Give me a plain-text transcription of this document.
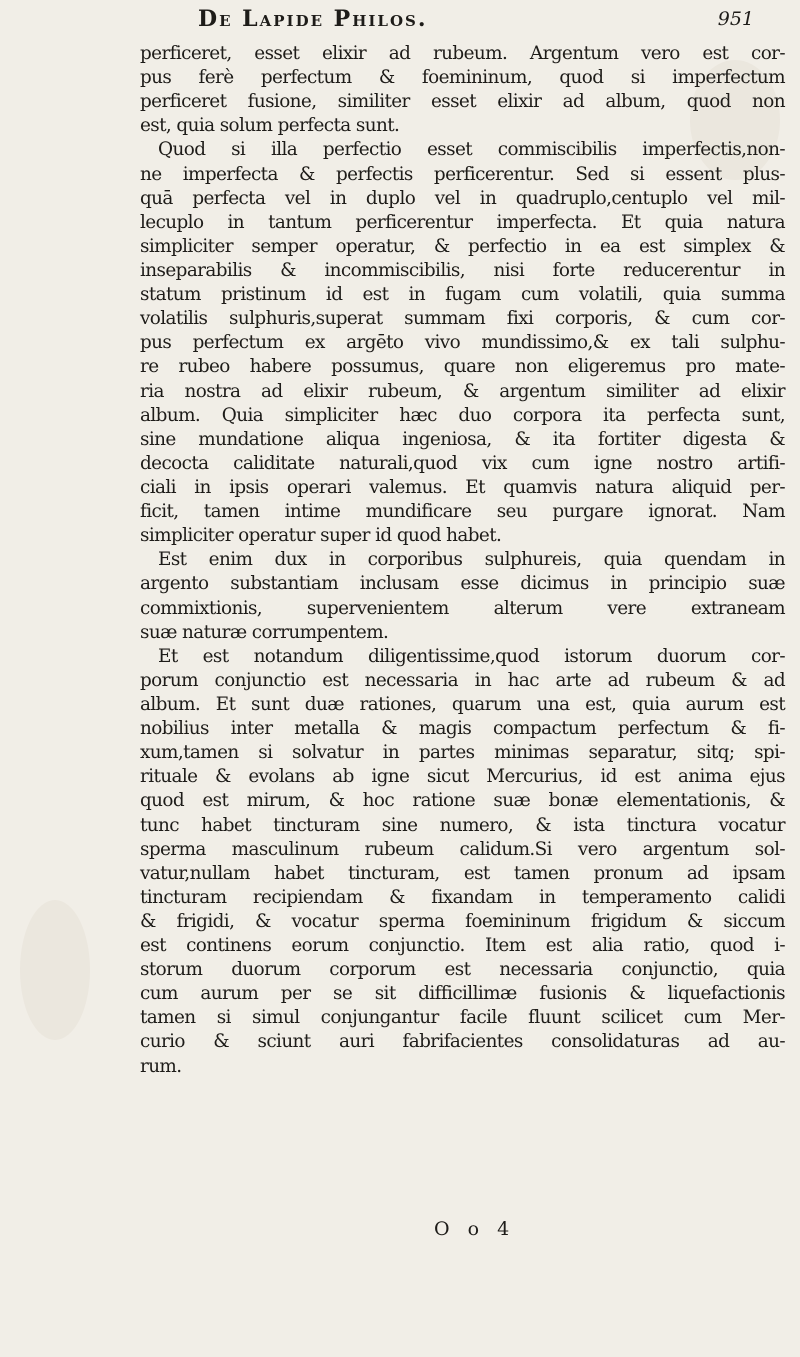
De Lapide Philos.	951
perficeret, esset elixir ad rubeum. Argentum vero est cor-
pus ferè perfectum & foemininum, quod si imperfectum
perficeret fusione, similiter esset elixir ad album, quod non
est, quia solum perfecta sunt.
Quod si illa perfectio esset commiscibilis imperfectis,non-
ne imperfecta & perfectis perficerentur. Sed si essent plus-
quā perfecta vel in duplo vel in quadruplo,centuplo vel mil-
lecuplo in tantum perficerentur imperfecta. Et quia natura
simpliciter semper operatur, & perfectio in ea est simplex &
inseparabilis & incommiscibilis, nisi forte reducerentur in
statum pristinum id est in fugam cum volatili, quia summa
volatilis sulphuris,superat summam fixi corporis, & cum cor-
pus perfectum ex argēto vivo mundissimo,& ex tali sulphu-
re rubeo habere possumus, quare non eligeremus pro mate-
ria nostra ad elixir rubeum, & argentum similiter ad elixir
album. Quia simpliciter hæc duo corpora ita perfecta sunt,
sine mundatione aliqua ingeniosa, & ita fortiter digesta &
decocta caliditate naturali,quod vix cum igne nostro artifi-
ciali in ipsis operari valemus. Et quamvis natura aliquid per-
ficit, tamen intime mundificare seu purgare ignorat. Nam
simpliciter operatur super id quod habet.
Est enim dux in corporibus sulphureis, quia quendam in
argento substantiam inclusam esse dicimus in principio suæ
commixtionis, supervenientem alterum vere extraneam
suæ naturæ corrumpentem.
Et est notandum diligentissime,quod istorum duorum cor-
porum conjunctio est necessaria in hac arte ad rubeum & ad
album. Et sunt duæ rationes, quarum una est, quia aurum est
nobilius inter metalla & magis compactum perfectum & fi-
xum,tamen si solvatur in partes minimas separatur, sitq; spi-
rituale & evolans ab igne sicut Mercurius, id est anima ejus
quod est mirum, & hoc ratione suæ bonæ elementationis, &
tunc habet tincturam sine numero, & ista tinctura vocatur
sperma masculinum rubeum calidum.Si vero argentum sol-
vatur,nullam habet tincturam, est tamen pronum ad ipsam
tincturam recipiendam & fixandam in temperamento calidi
& frigidi, & vocatur sperma foemininum frigidum & siccum
est continens eorum conjunctio. Item est alia ratio, quod i-
storum duorum corporum est necessaria conjunctio, quia
cum aurum per se sit difficillimæ fusionis & liquefactionis
tamen si simul conjungantur facile fluunt scilicet cum Mer-
curio & sciunt auri fabrifacientes consolidaturas ad au-
rum.
O o 4
